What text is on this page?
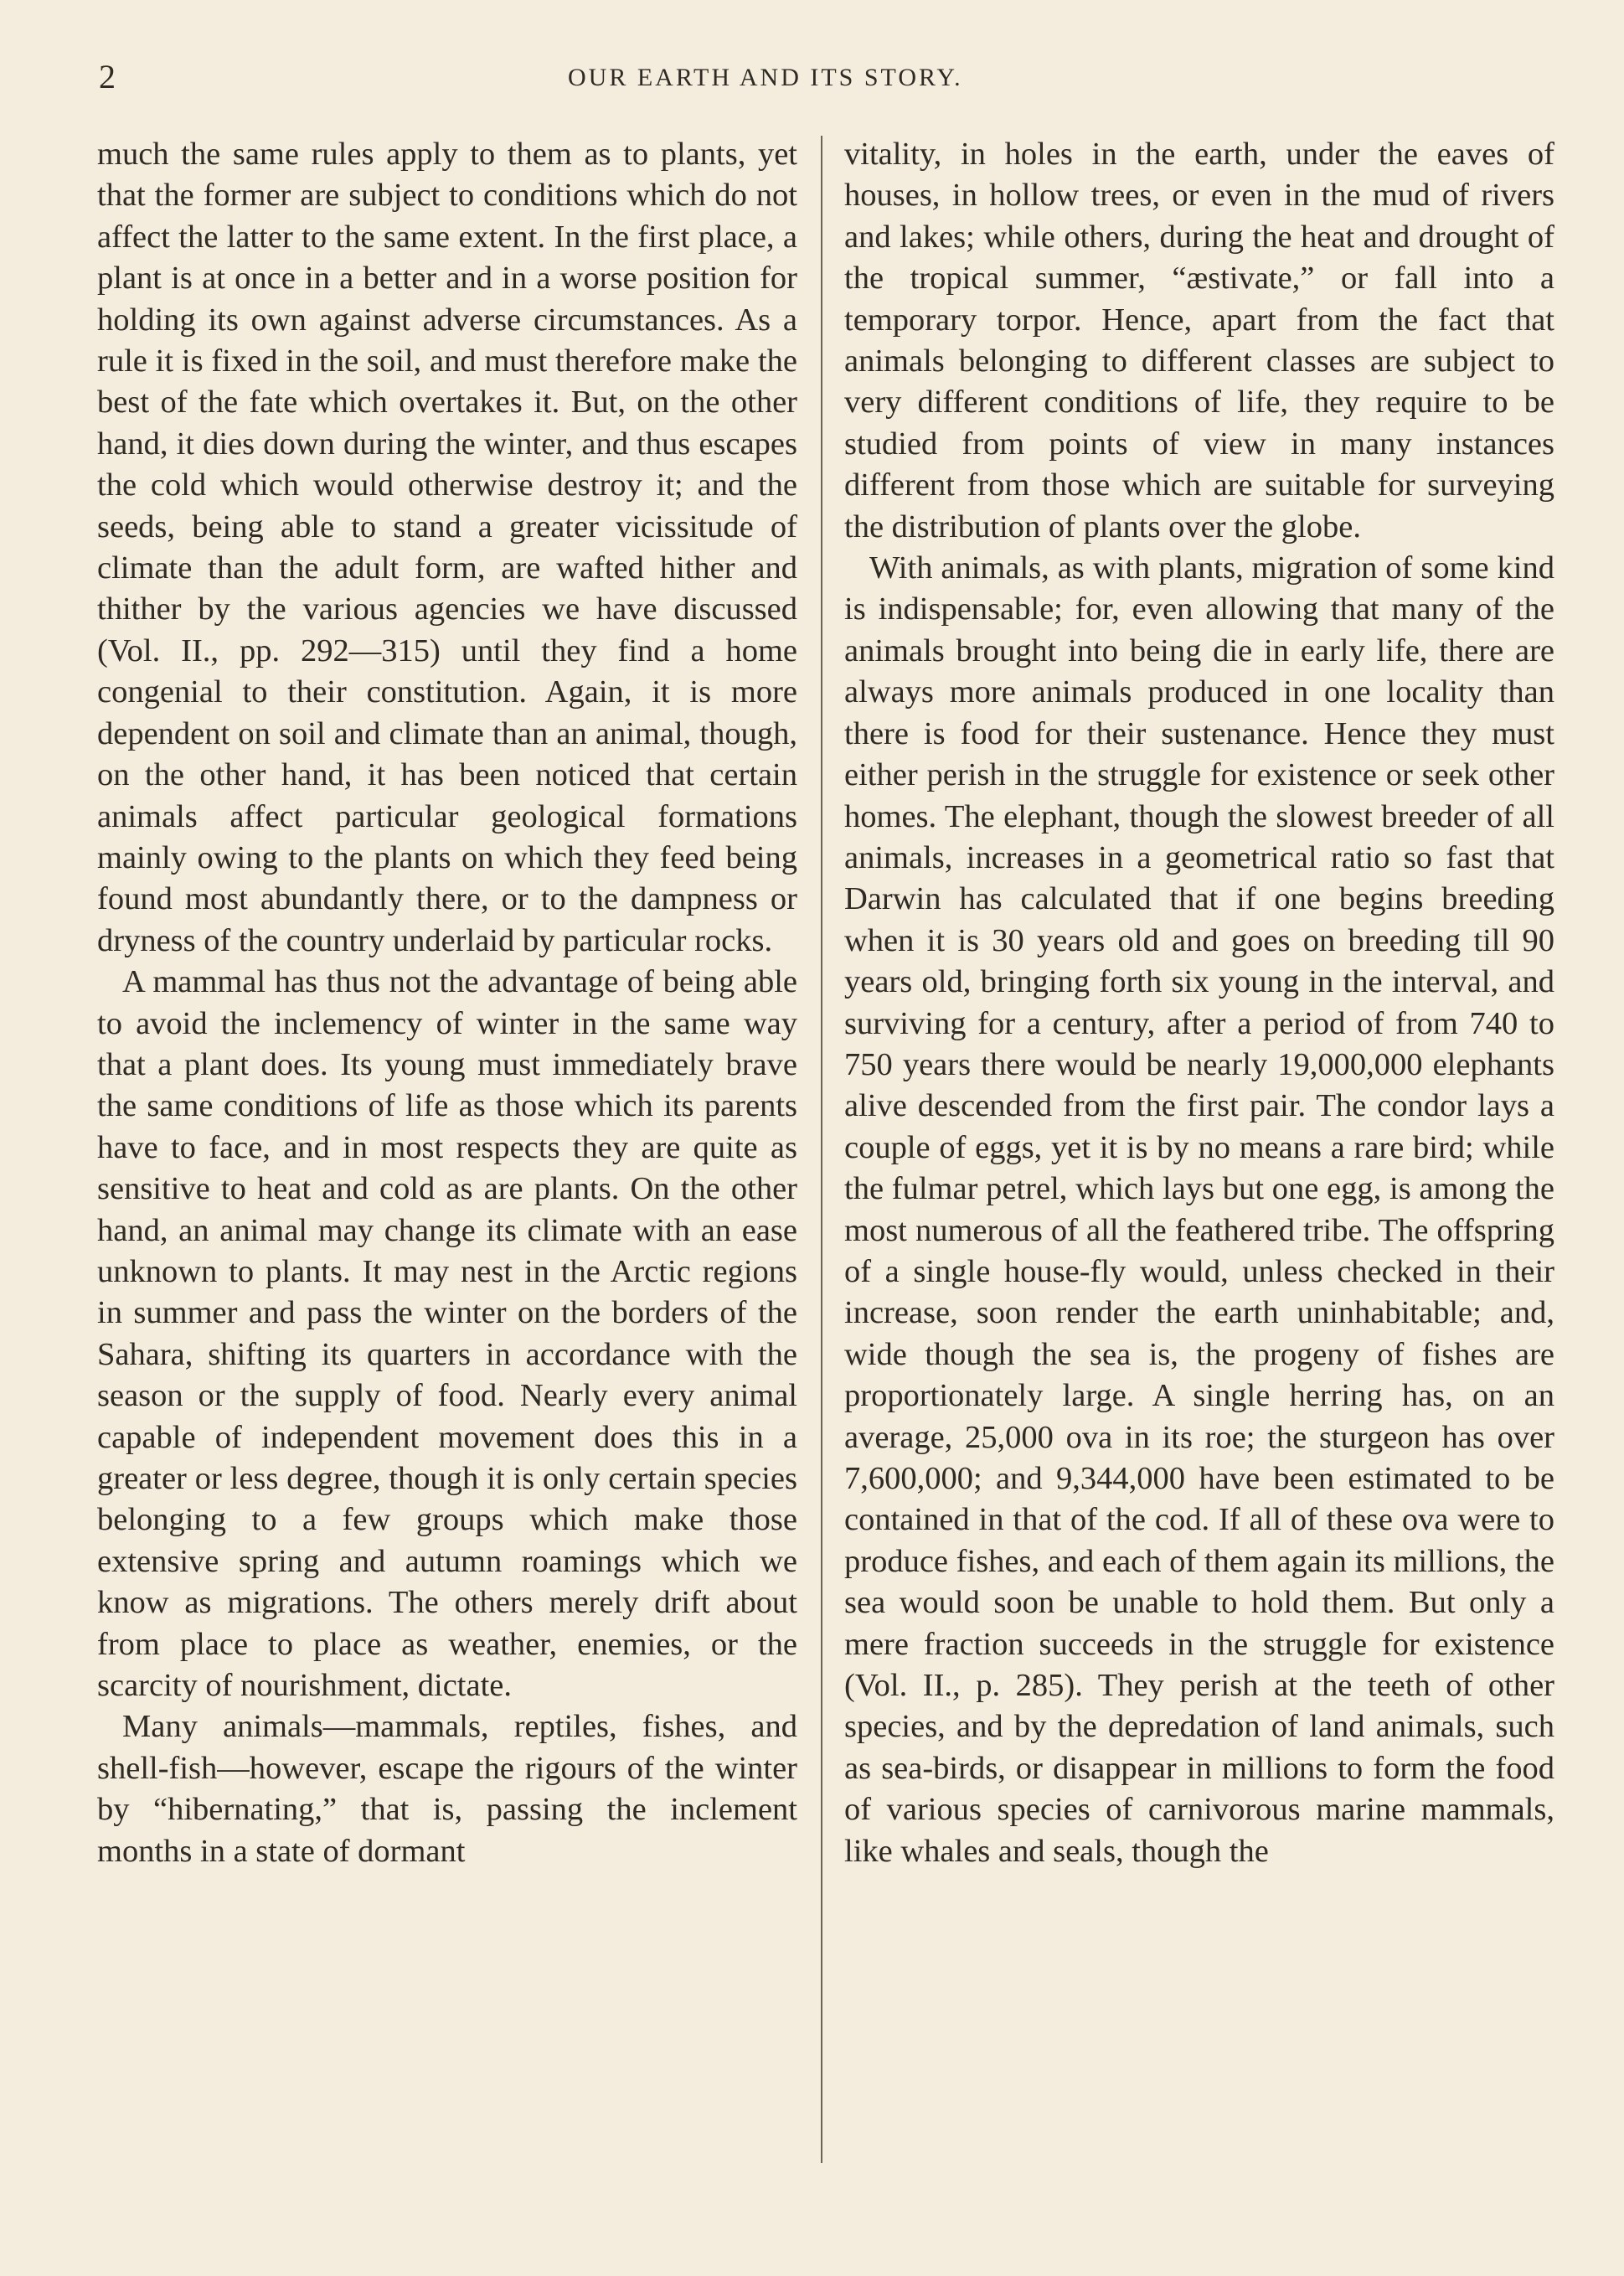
2	OUR EARTH AND ITS STORY.

much the same rules apply to them as to plants, yet that the former are subject to conditions which do not affect the latter to the same extent. In the first place, a plant is at once in a better and in a worse position for holding its own against adverse circumstances. As a rule it is fixed in the soil, and must therefore make the best of the fate which overtakes it. But, on the other hand, it dies down during the winter, and thus escapes the cold which would otherwise destroy it; and the seeds, being able to stand a greater vicissitude of climate than the adult form, are wafted hither and thither by the various agencies we have discussed (Vol. II., pp. 292—315) until they find a home congenial to their constitution. Again, it is more dependent on soil and climate than an animal, though, on the other hand, it has been noticed that certain animals affect particular geological formations mainly owing to the plants on which they feed being found most abundantly there, or to the dampness or dryness of the country underlaid by particular rocks.

A mammal has thus not the advantage of being able to avoid the inclemency of winter in the same way that a plant does. Its young must immediately brave the same conditions of life as those which its parents have to face, and in most respects they are quite as sensitive to heat and cold as are plants. On the other hand, an animal may change its climate with an ease unknown to plants. It may nest in the Arctic regions in summer and pass the winter on the borders of the Sahara, shifting its quarters in accordance with the season or the supply of food. Nearly every animal capable of independent movement does this in a greater or less degree, though it is only certain species belonging to a few groups which make those extensive spring and autumn roamings which we know as migrations. The others merely drift about from place to place as weather, enemies, or the scarcity of nourishment, dictate.

Many animals—mammals, reptiles, fishes, and shell-fish—however, escape the rigours of the winter by “hibernating,” that is, passing the inclement months in a state of dormant

vitality, in holes in the earth, under the eaves of houses, in hollow trees, or even in the mud of rivers and lakes; while others, during the heat and drought of the tropical summer, “æstivate,” or fall into a temporary torpor. Hence, apart from the fact that animals belonging to different classes are subject to very different conditions of life, they require to be studied from points of view in many instances different from those which are suitable for surveying the distribution of plants over the globe.

With animals, as with plants, migration of some kind is indispensable; for, even allowing that many of the animals brought into being die in early life, there are always more animals produced in one locality than there is food for their sustenance. Hence they must either perish in the struggle for existence or seek other homes. The elephant, though the slowest breeder of all animals, increases in a geometrical ratio so fast that Darwin has calculated that if one begins breeding when it is 30 years old and goes on breeding till 90 years old, bringing forth six young in the interval, and surviving for a century, after a period of from 740 to 750 years there would be nearly 19,000,000 elephants alive descended from the first pair. The condor lays a couple of eggs, yet it is by no means a rare bird; while the fulmar petrel, which lays but one egg, is among the most numerous of all the feathered tribe. The offspring of a single house-fly would, unless checked in their increase, soon render the earth uninhabitable; and, wide though the sea is, the progeny of fishes are proportionately large. A single herring has, on an average, 25,000 ova in its roe; the sturgeon has over 7,600,000; and 9,344,000 have been estimated to be contained in that of the cod. If all of these ova were to produce fishes, and each of them again its millions, the sea would soon be unable to hold them. But only a mere fraction succeeds in the struggle for existence (Vol. II., p. 285). They perish at the teeth of other species, and by the depredation of land animals, such as sea-birds, or disappear in millions to form the food of various species of carnivorous marine mammals, like whales and seals, though the
